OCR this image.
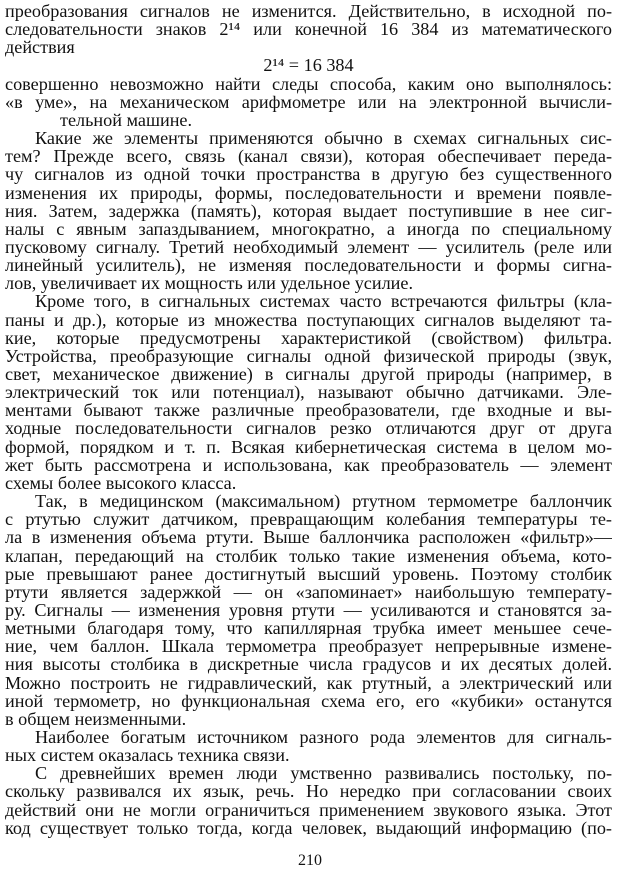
преобразования сигналов не изменится. Действительно, в исходной по-
следовательности знаков 2¹⁴ или конечной 16 384 из математического
действия
2¹⁴ = 16 384
совершенно невозможно найти следы способа, каким оно выполнялось:
«в уме», на механическом арифмометре или на электронной вычисли-
тельной машине.
Какие же элементы применяются обычно в схемах сигнальных сис-
тем? Прежде всего, связь (канал связи), которая обеспечивает переда-
чу сигналов из одной точки пространства в другую без существенного
изменения их природы, формы, последовательности и времени появле-
ния. Затем, задержка (память), которая выдает поступившие в нее сиг-
налы с явным запаздыванием, многократно, а иногда по специальному
пусковому сигналу. Третий необходимый элемент — усилитель (реле или
линейный усилитель), не изменяя последовательности и формы сигна-
лов, увеличивает их мощность или удельное усилие.
Кроме того, в сигнальных системах часто встречаются фильтры (кла-
паны и др.), которые из множества поступающих сигналов выделяют та-
кие, которые предусмотрены характеристикой (свойством) фильтра.
Устройства, преобразующие сигналы одной физической природы (звук,
свет, механическое движение) в сигналы другой природы (например, в
электрический ток или потенциал), называют обычно датчиками. Эле-
ментами бывают также различные преобразователи, где входные и вы-
ходные последовательности сигналов резко отличаются друг от друга
формой, порядком и т. п. Всякая кибернетическая система в целом мо-
жет быть рассмотрена и использована, как преобразователь — элемент
схемы более высокого класса.
Так, в медицинском (максимальном) ртутном термометре баллончик
с ртутью служит датчиком, превращающим колебания температуры те-
ла в изменения объема ртути. Выше баллончика расположен «фильтр»—
клапан, передающий на столбик только такие изменения объема, кото-
рые превышают ранее достигнутый высший уровень. Поэтому столбик
ртути является задержкой — он «запоминает» наибольшую температу-
ру. Сигналы — изменения уровня ртути — усиливаются и становятся за-
метными благодаря тому, что капиллярная трубка имеет меньшее сече-
ние, чем баллон. Шкала термометра преобразует непрерывные измене-
ния высоты столбика в дискретные числа градусов и их десятых долей.
Можно построить не гидравлический, как ртутный, а электрический или
иной термометр, но функциональная схема его, его «кубики» останутся
в общем неизменными.
Наиболее богатым источником разного рода элементов для сигналь-
ных систем оказалась техника связи.
С древнейших времен люди умственно развивались постольку, по-
скольку развивался их язык, речь. Но нередко при согласовании своих
действий они не могли ограничиться применением звукового языка. Этот
код существует только тогда, когда человек, выдающий информацию (по-
210
